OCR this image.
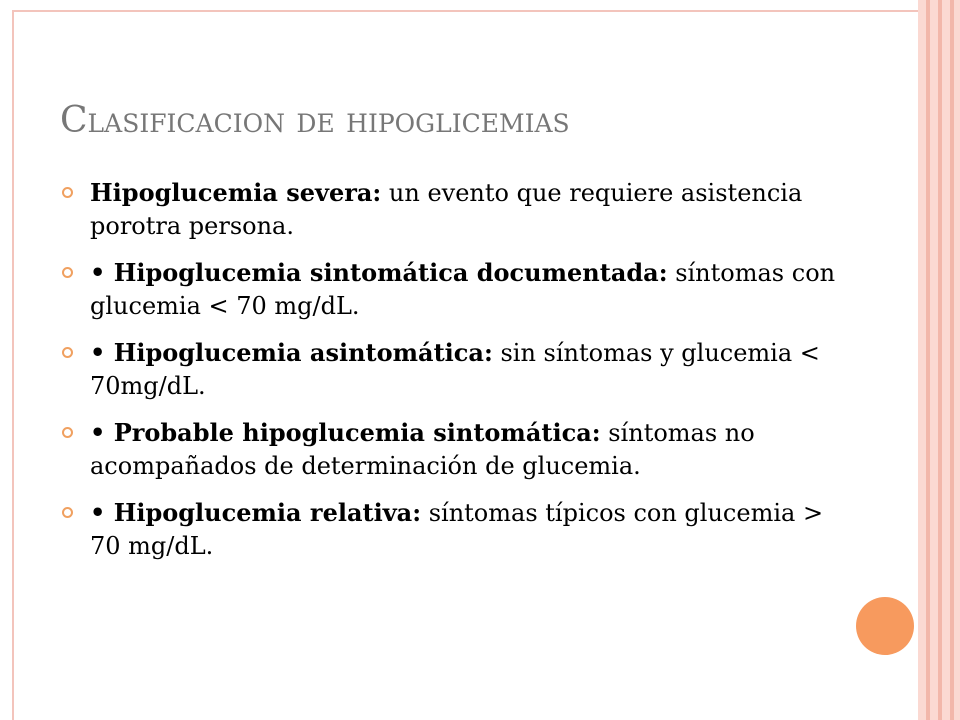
Clasificacion de hipoglicemias
Hipoglucemia severa: un evento que requiere asistencia porotra persona.
• Hipoglucemia sintomática documentada: síntomas con glucemia < 70 mg/dL.
• Hipoglucemia asintomática: sin síntomas y glucemia < 70mg/dL.
• Probable hipoglucemia sintomática: síntomas no acompañados de determinación de glucemia.
• Hipoglucemia relativa: síntomas típicos con glucemia > 70 mg/dL.
